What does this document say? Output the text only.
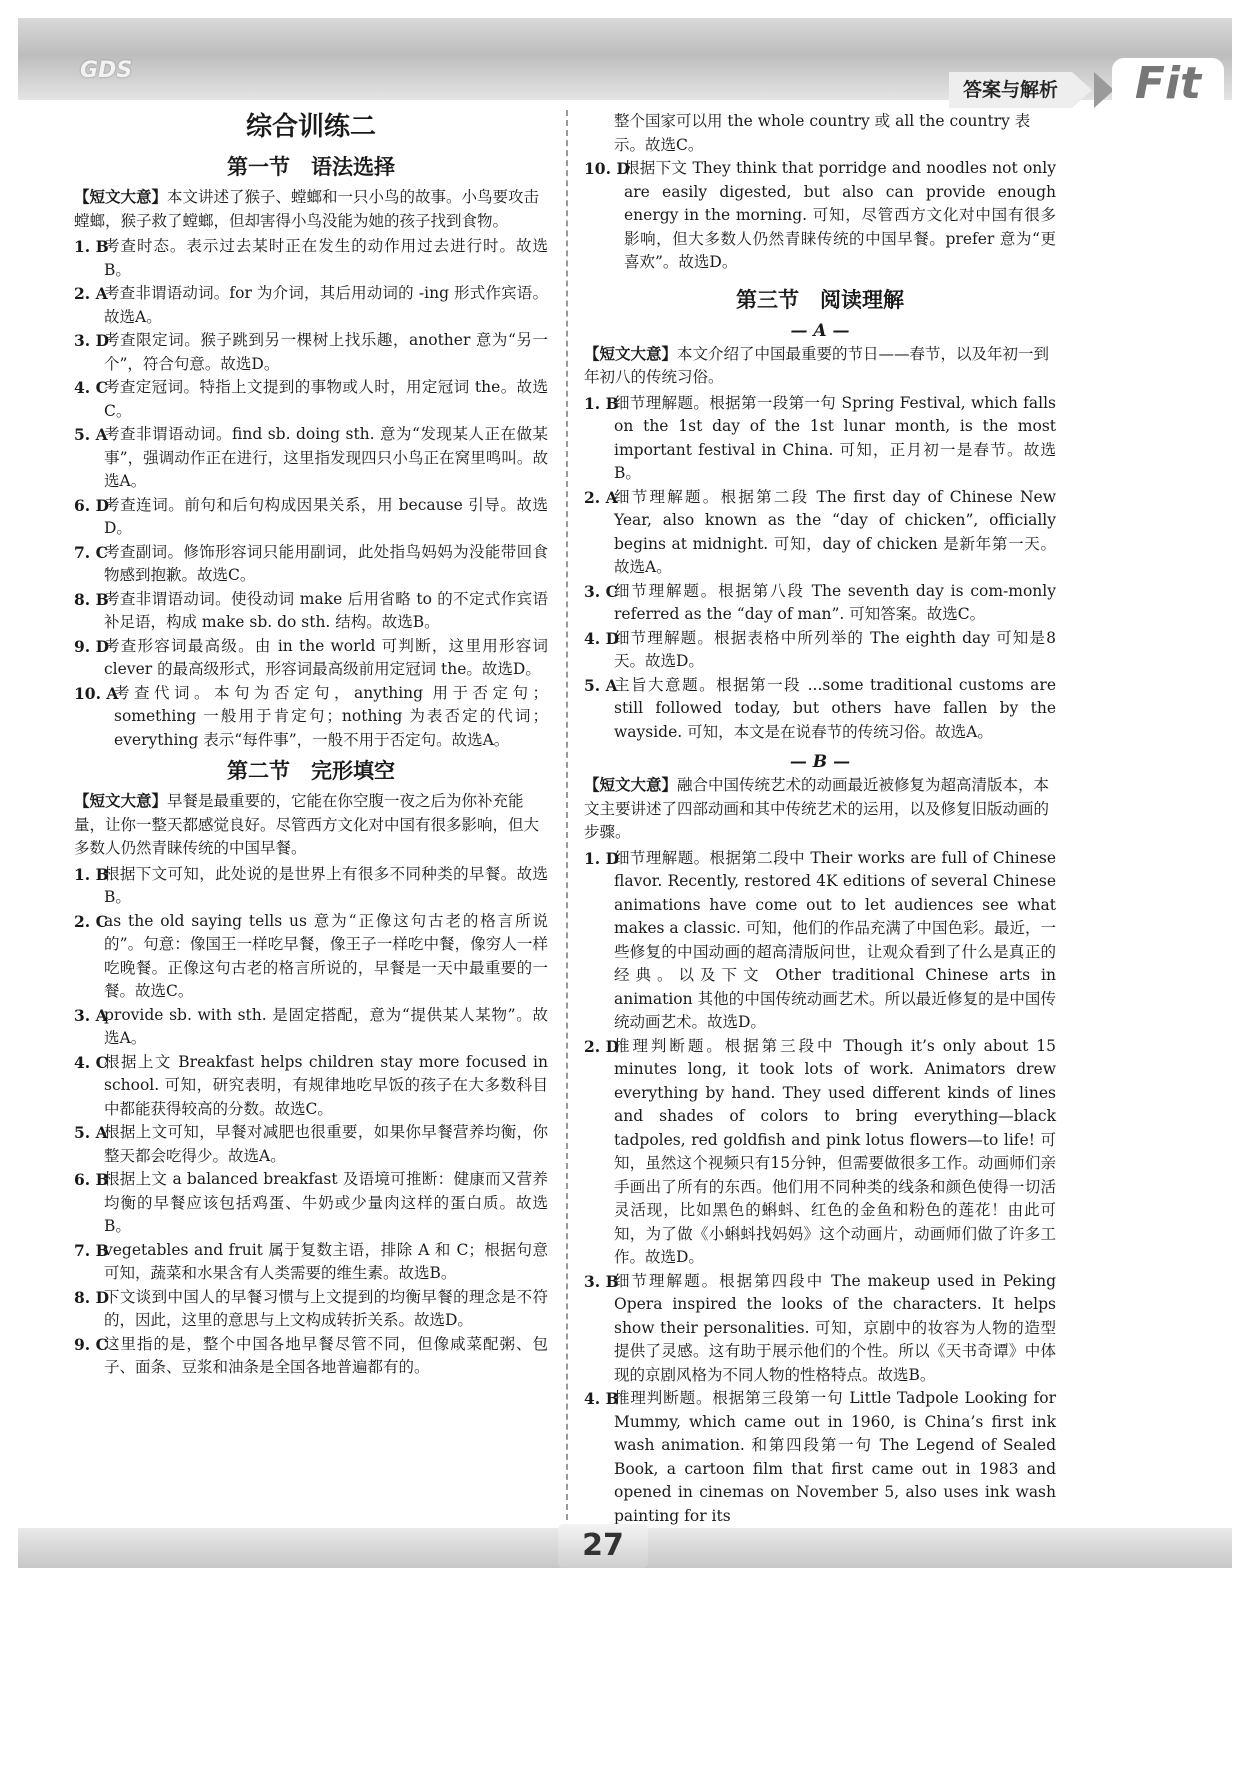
GDS
答案与解析	Fit
综合训练二
第一节　语法选择
【短文大意】本文讲述了猴子、螳螂和一只小鸟的故事。小鸟要攻击螳螂，猴子救了螳螂，但却害得小鸟没能为她的孩子找到食物。
1. B
考查时态。表示过去某时正在发生的动作用过去进行时。故选B。
2. A
考查非谓语动词。for 为介词，其后用动词的 -ing 形式作宾语。故选A。
3. D
考查限定词。猴子跳到另一棵树上找乐趣，another 意为“另一个”，符合句意。故选D。
4. C
考查定冠词。特指上文提到的事物或人时，用定冠词 the。故选C。
5. A
考查非谓语动词。find sb. doing sth. 意为“发现某人正在做某事”，强调动作正在进行，这里指发现四只小鸟正在窝里鸣叫。故选A。
6. D
考查连词。前句和后句构成因果关系，用 because 引导。故选D。
7. C
考查副词。修饰形容词只能用副词，此处指鸟妈妈为没能带回食物感到抱歉。故选C。
8. B
考查非谓语动词。使役动词 make 后用省略 to 的不定式作宾语补足语，构成 make sb. do sth. 结构。故选B。
9. D
考查形容词最高级。由 in the world 可判断，这里用形容词 clever 的最高级形式，形容词最高级前用定冠词 the。故选D。
10. A
考查代词。本句为否定句，anything 用于否定句；something 一般用于肯定句；nothing 为表否定的代词；everything 表示“每件事”，一般不用于否定句。故选A。
第二节　完形填空
【短文大意】早餐是最重要的，它能在你空腹一夜之后为你补充能量，让你一整天都感觉良好。尽管西方文化对中国有很多影响，但大多数人仍然青睐传统的中国早餐。
1. B
根据下文可知，此处说的是世界上有很多不同种类的早餐。故选B。
2. C
as the old saying tells us 意为“正像这句古老的格言所说的”。句意：像国王一样吃早餐，像王子一样吃中餐，像穷人一样吃晚餐。正像这句古老的格言所说的，早餐是一天中最重要的一餐。故选C。
3. A
provide sb. with sth. 是固定搭配，意为“提供某人某物”。故选A。
4. C
根据上文 Breakfast helps children stay more focused in school. 可知，研究表明，有规律地吃早饭的孩子在大多数科目中都能获得较高的分数。故选C。
5. A
根据上文可知，早餐对减肥也很重要，如果你早餐营养均衡，你整天都会吃得少。故选A。
6. B
根据上文 a balanced breakfast 及语境可推断：健康而又营养均衡的早餐应该包括鸡蛋、牛奶或少量肉这样的蛋白质。故选B。
7. B
vegetables and fruit 属于复数主语，排除 A 和 C；根据句意可知，蔬菜和水果含有人类需要的维生素。故选B。
8. D
下文谈到中国人的早餐习惯与上文提到的均衡早餐的理念是不符的，因此，这里的意思与上文构成转折关系。故选D。
9. C
这里指的是，整个中国各地早餐尽管不同，但像咸菜配粥、包子、面条、豆浆和油条是全国各地普遍都有的。
整个国家可以用 the whole country 或 all the country 表示。故选C。
10. D
根据下文 They think that porridge and noodles not only are easily digested, but also can provide enough energy in the morning. 可知，尽管西方文化对中国有很多影响，但大多数人仍然青睐传统的中国早餐。prefer 意为“更喜欢”。故选D。
第三节　阅读理解
— A —
【短文大意】本文介绍了中国最重要的节日——春节，以及年初一到年初八的传统习俗。
1. B
细节理解题。根据第一段第一句 Spring Festival, which falls on the 1st day of the 1st lunar month, is the most important festival in China. 可知，正月初一是春节。故选B。
2. A
细节理解题。根据第二段 The first day of Chinese New Year, also known as the “day of chicken”, officially begins at midnight. 可知，day of chicken 是新年第一天。故选A。
3. C
细节理解题。根据第八段 The seventh day is com-monly referred as the “day of man”. 可知答案。故选C。
4. D
细节理解题。根据表格中所列举的 The eighth day 可知是8天。故选D。
5. A
主旨大意题。根据第一段 ...some traditional customs are still followed today, but others have fallen by the wayside. 可知，本文是在说春节的传统习俗。故选A。
— B —
【短文大意】融合中国传统艺术的动画最近被修复为超高清版本，本文主要讲述了四部动画和其中传统艺术的运用，以及修复旧版动画的步骤。
1. D
细节理解题。根据第二段中 Their works are full of Chinese flavor. Recently, restored 4K editions of several Chinese animations have come out to let audiences see what makes a classic. 可知，他们的作品充满了中国色彩。最近，一些修复的中国动画的超高清版问世，让观众看到了什么是真正的经典。以及下文 Other traditional Chinese arts in animation 其他的中国传统动画艺术。所以最近修复的是中国传统动画艺术。故选D。
2. D
推理判断题。根据第三段中 Though it’s only about 15 minutes long, it took lots of work. Animators drew everything by hand. They used different kinds of lines and shades of colors to bring everything—black tadpoles, red goldfish and pink lotus flowers—to life! 可知，虽然这个视频只有15分钟，但需要做很多工作。动画师们亲手画出了所有的东西。他们用不同种类的线条和颜色使得一切活灵活现，比如黑色的蝌蚪、红色的金鱼和粉色的莲花！由此可知，为了做《小蝌蚪找妈妈》这个动画片，动画师们做了许多工作。故选D。
3. B
细节理解题。根据第四段中 The makeup used in Peking Opera inspired the looks of the characters. It helps show their personalities. 可知，京剧中的妆容为人物的造型提供了灵感。这有助于展示他们的个性。所以《天书奇谭》中体现的京剧风格为不同人物的性格特点。故选B。
4. B
推理判断题。根据第三段第一句 Little Tadpole Looking for Mummy, which came out in 1960, is China’s first ink wash animation. 和第四段第一句 The Legend of Sealed Book, a cartoon film that first came out in 1983 and opened in cinemas on November 5, also uses ink wash painting for its
27
